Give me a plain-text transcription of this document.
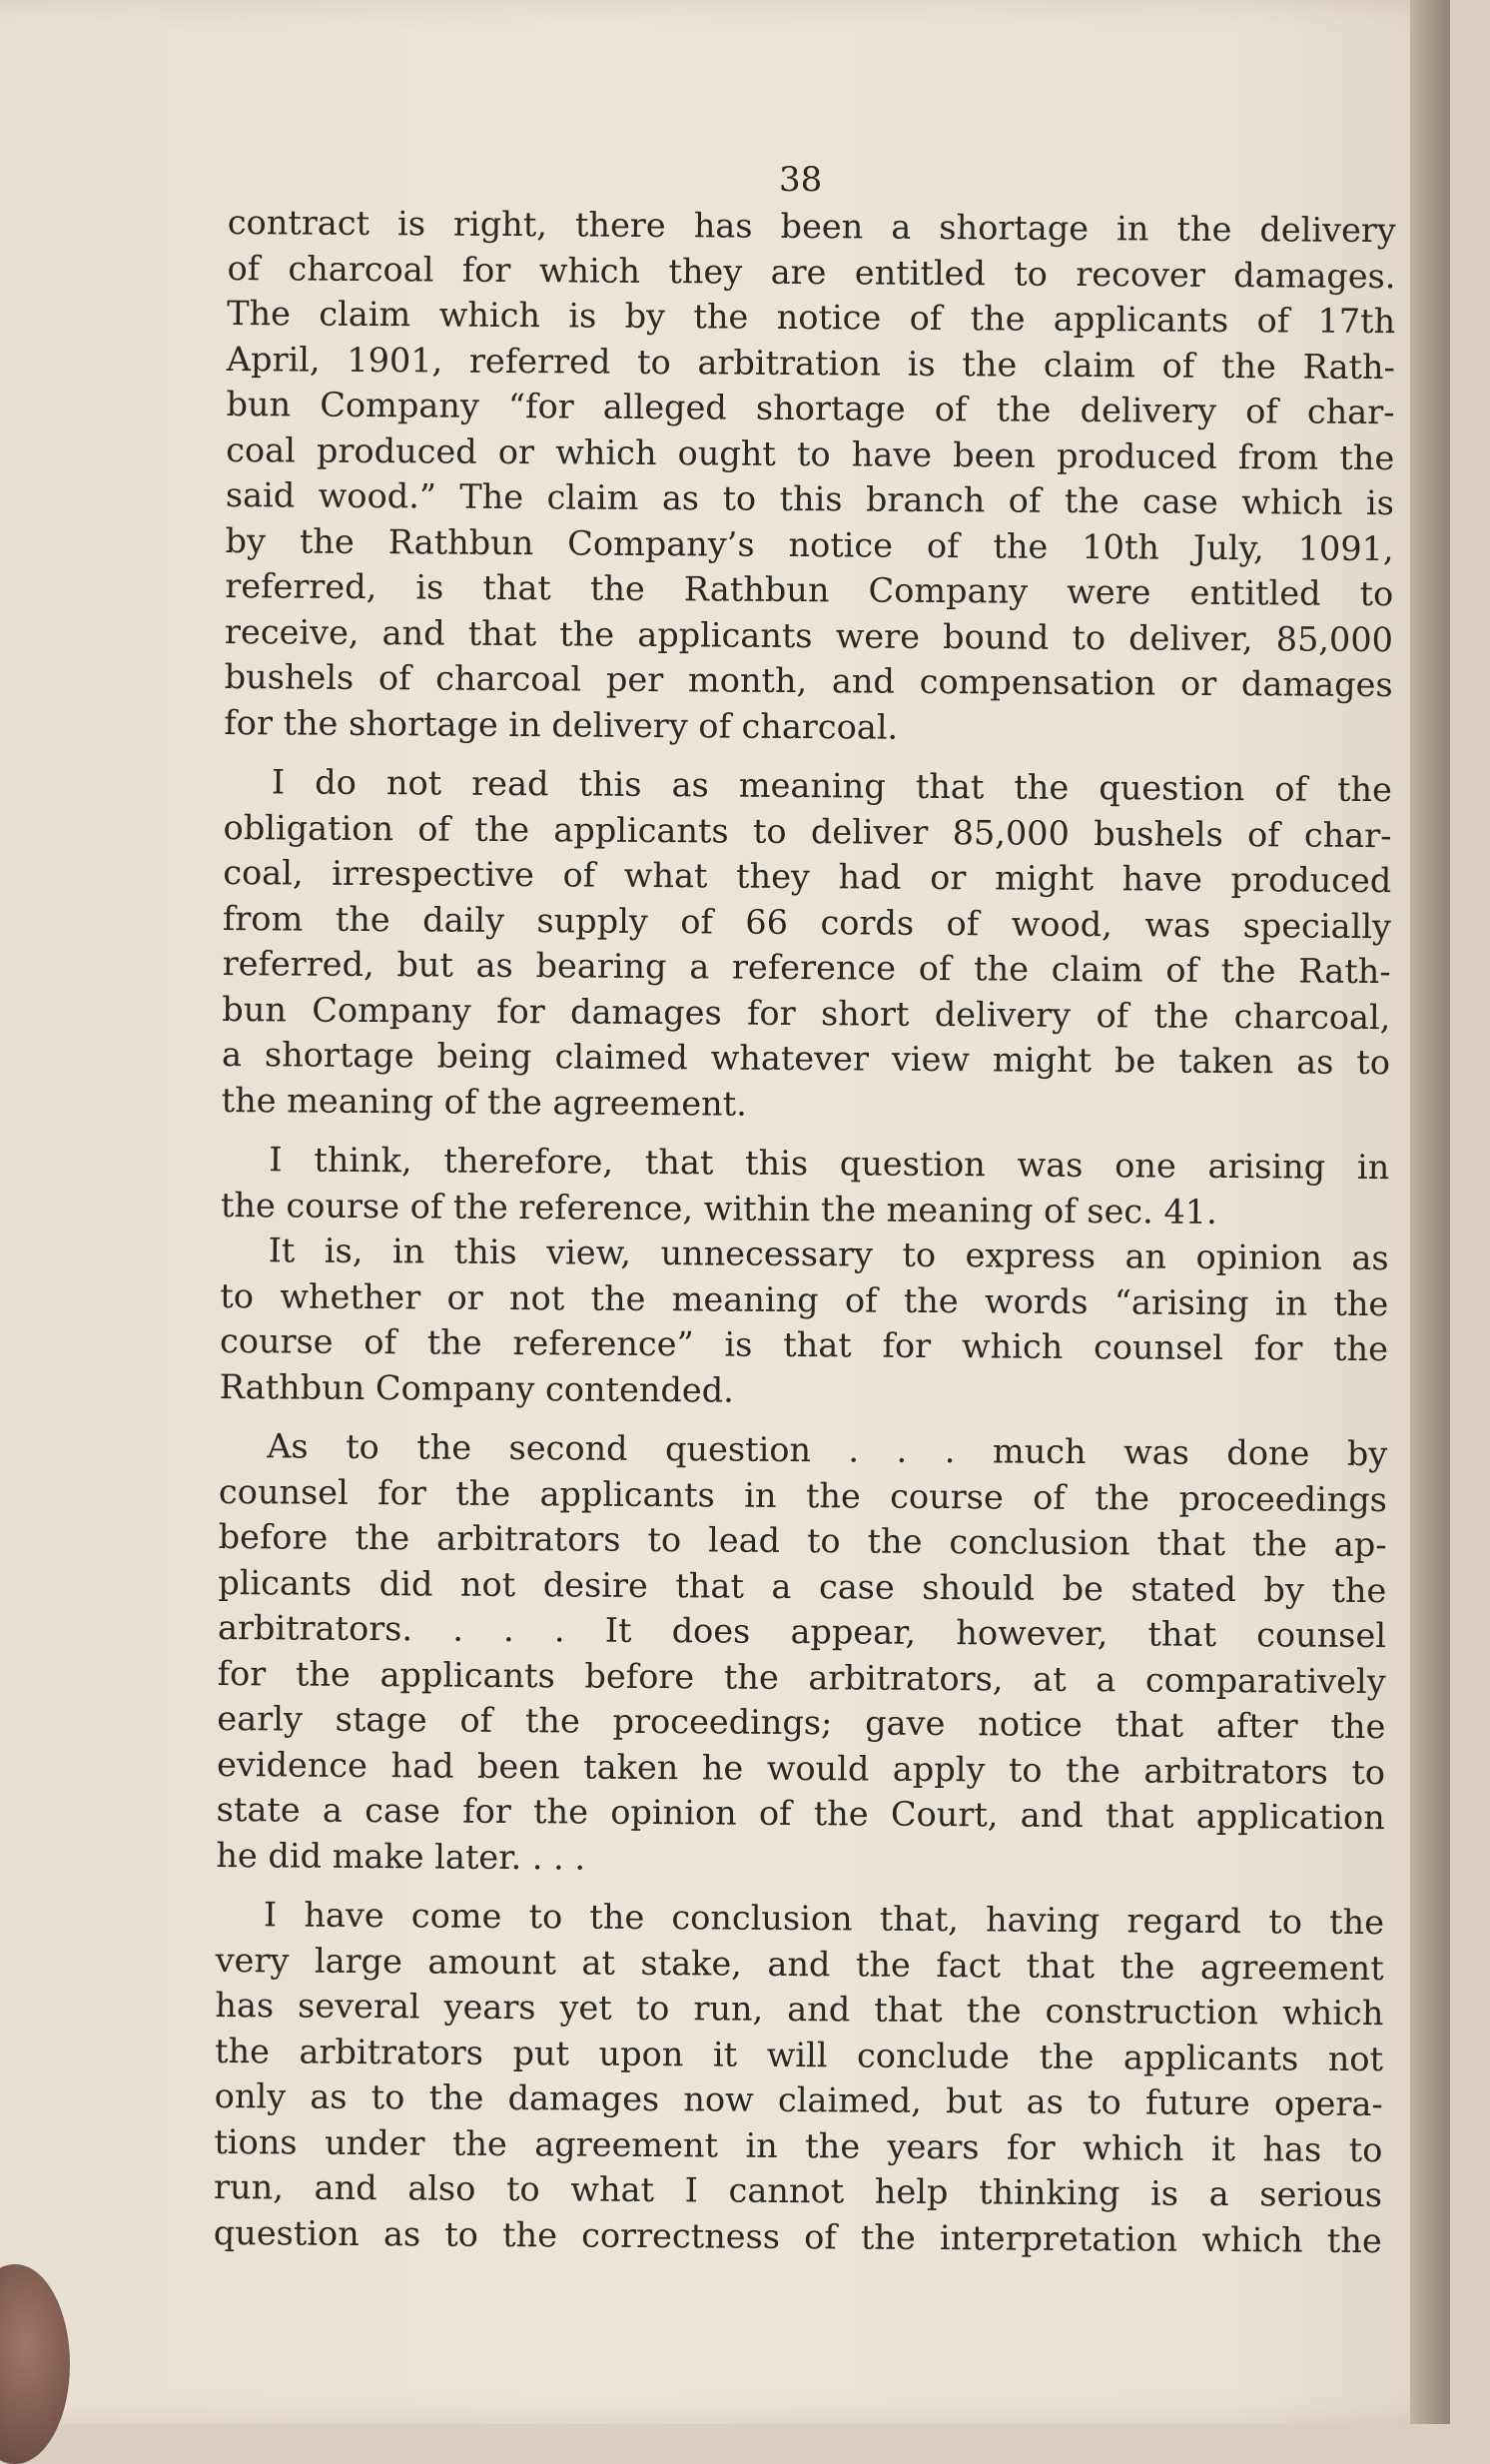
38
contract is right, there has been a shortage in the delivery
of charcoal for which they are entitled to recover damages.
The claim which is by the notice of the applicants of 17th
April, 1901, referred to arbitration is the claim of the Rath-
bun Company “for alleged shortage of the delivery of char-
coal produced or which ought to have been produced from the
said wood.” The claim as to this branch of the case which is
by the Rathbun Company’s notice of the 10th July, 1091,
referred, is that the Rathbun Company were entitled to
receive, and that the applicants were bound to deliver, 85,000
bushels of charcoal per month, and compensation or damages
for the shortage in delivery of charcoal.
I do not read this as meaning that the question of the
obligation of the applicants to deliver 85,000 bushels of char-
coal, irrespective of what they had or might have produced
from the daily supply of 66 cords of wood, was specially
referred, but as bearing a reference of the claim of the Rath-
bun Company for damages for short delivery of the charcoal,
a shortage being claimed whatever view might be taken as to
the meaning of the agreement.
I think, therefore, that this question was one arising in
the course of the reference, within the meaning of sec. 41.
It is, in this view, unnecessary to express an opinion as
to whether or not the meaning of the words “arising in the
course of the reference” is that for which counsel for the
Rathbun Company contended.
As to the second question . . . much was done by
counsel for the applicants in the course of the proceedings
before the arbitrators to lead to the conclusion that the ap-
plicants did not desire that a case should be stated by the
arbitrators. . . . It does appear, however, that counsel
for the applicants before the arbitrators, at a comparatively
early stage of the proceedings; gave notice that after the
evidence had been taken he would apply to the arbitrators to
state a case for the opinion of the Court, and that application
he did make later. . . .
I have come to the conclusion that, having regard to the
very large amount at stake, and the fact that the agreement
has several years yet to run, and that the construction which
the arbitrators put upon it will conclude the applicants not
only as to the damages now claimed, but as to future opera-
tions under the agreement in the years for which it has to
run, and also to what I cannot help thinking is a serious
question as to the correctness of the interpretation which the
